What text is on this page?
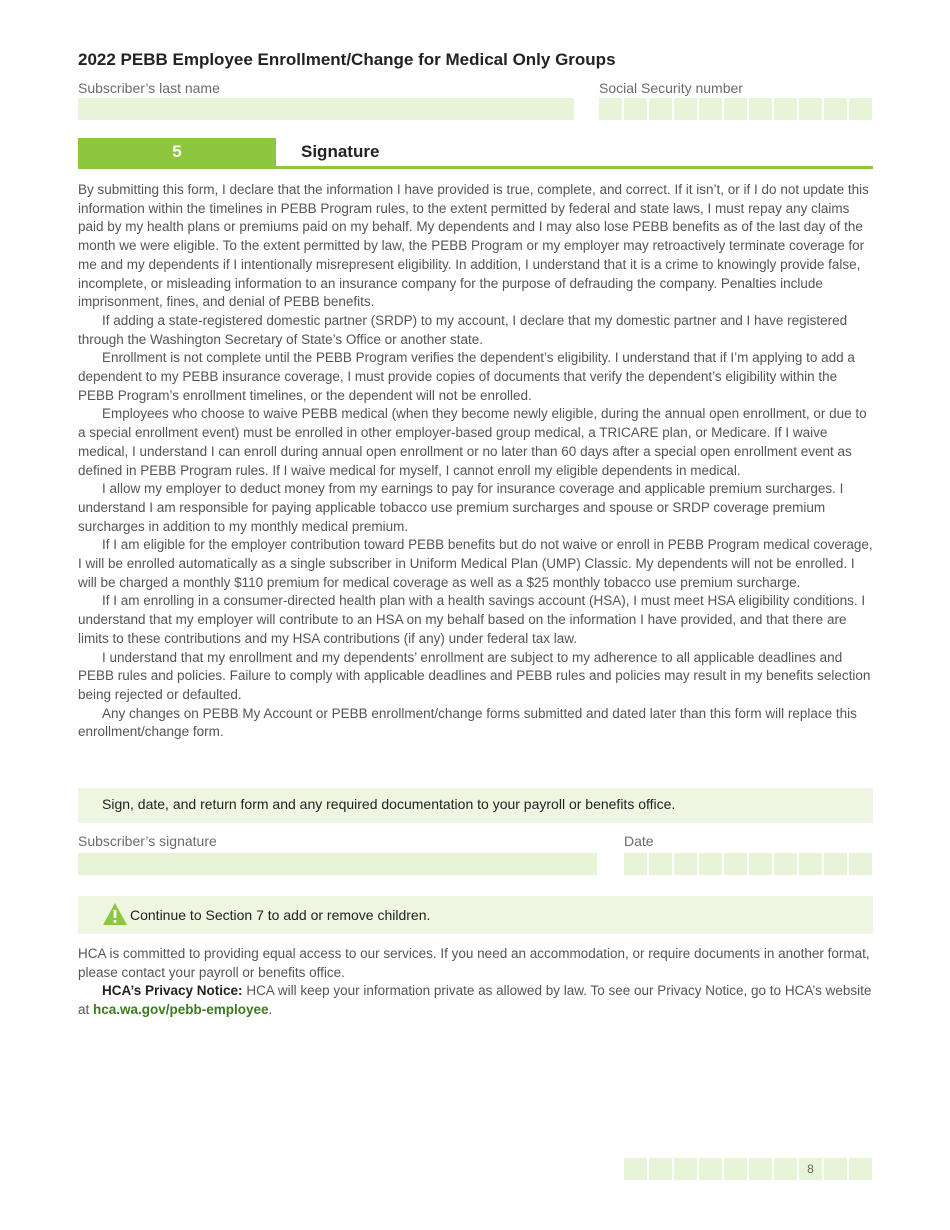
2022 PEBB Employee Enrollment/Change for Medical Only Groups
Subscriber’s last name	Social Security number
5	Signature

By submitting this form, I declare that the information I have provided is true, complete, and correct. If it isn’t, or if I do not update this information within the timelines in PEBB Program rules, to the extent permitted by federal and state laws, I must repay any claims paid by my health plans or premiums paid on my behalf. My dependents and I may also lose PEBB benefits as of the last day of the month we were eligible. To the extent permitted by law, the PEBB Program or my employer may retroactively terminate coverage for me and my dependents if I intentionally misrepresent eligibility. In addition, I understand that it is a crime to knowingly provide false, incomplete, or misleading information to an insurance company for the purpose of defrauding the company. Penalties include imprisonment, fines, and denial of PEBB benefits.

If adding a state-registered domestic partner (SRDP) to my account, I declare that my domestic partner and I have registered through the Washington Secretary of State’s Office or another state.

Enrollment is not complete until the PEBB Program verifies the dependent’s eligibility. I understand that if I’m applying to add a dependent to my PEBB insurance coverage, I must provide copies of documents that verify the dependent’s eligibility within the PEBB Program’s enrollment timelines, or the dependent will not be enrolled.

Employees who choose to waive PEBB medical (when they become newly eligible, during the annual open enrollment, or due to a special enrollment event) must be enrolled in other employer-based group medical, a TRICARE plan, or Medicare. If I waive medical, I understand I can enroll during annual open enrollment or no later than 60 days after a special open enrollment event as defined in PEBB Program rules. If I waive medical for myself, I cannot enroll my eligible dependents in medical.

I allow my employer to deduct money from my earnings to pay for insurance coverage and applicable premium surcharges. I understand I am responsible for paying applicable tobacco use premium surcharges and spouse or SRDP coverage premium surcharges in addition to my monthly medical premium.

If I am eligible for the employer contribution toward PEBB benefits but do not waive or enroll in PEBB Program medical coverage, I will be enrolled automatically as a single subscriber in Uniform Medical Plan (UMP) Classic. My dependents will not be enrolled. I will be charged a monthly $110 premium for medical coverage as well as a $25 monthly tobacco use premium surcharge.

If I am enrolling in a consumer-directed health plan with a health savings account (HSA), I must meet HSA eligibility conditions. I understand that my employer will contribute to an HSA on my behalf based on the information I have provided, and that there are limits to these contributions and my HSA contributions (if any) under federal tax law.

I understand that my enrollment and my dependents’ enrollment are subject to my adherence to all applicable deadlines and PEBB rules and policies. Failure to comply with applicable deadlines and PEBB rules and policies may result in my benefits selection being rejected or defaulted.

Any changes on PEBB My Account or PEBB enrollment/change forms submitted and dated later than this form will replace this enrollment/change form.

Sign, date, and return form and any required documentation to your payroll or benefits office.
Subscriber’s signature	Date
Continue to Section 7 to add or remove children.

HCA is committed to providing equal access to our services. If you need an accommodation, or require documents in another format, please contact your payroll or benefits office.

HCA’s Privacy Notice: HCA will keep your information private as allowed by law. To see our Privacy Notice, go to HCA’s website at hca.wa.gov/pebb-employee.

8
